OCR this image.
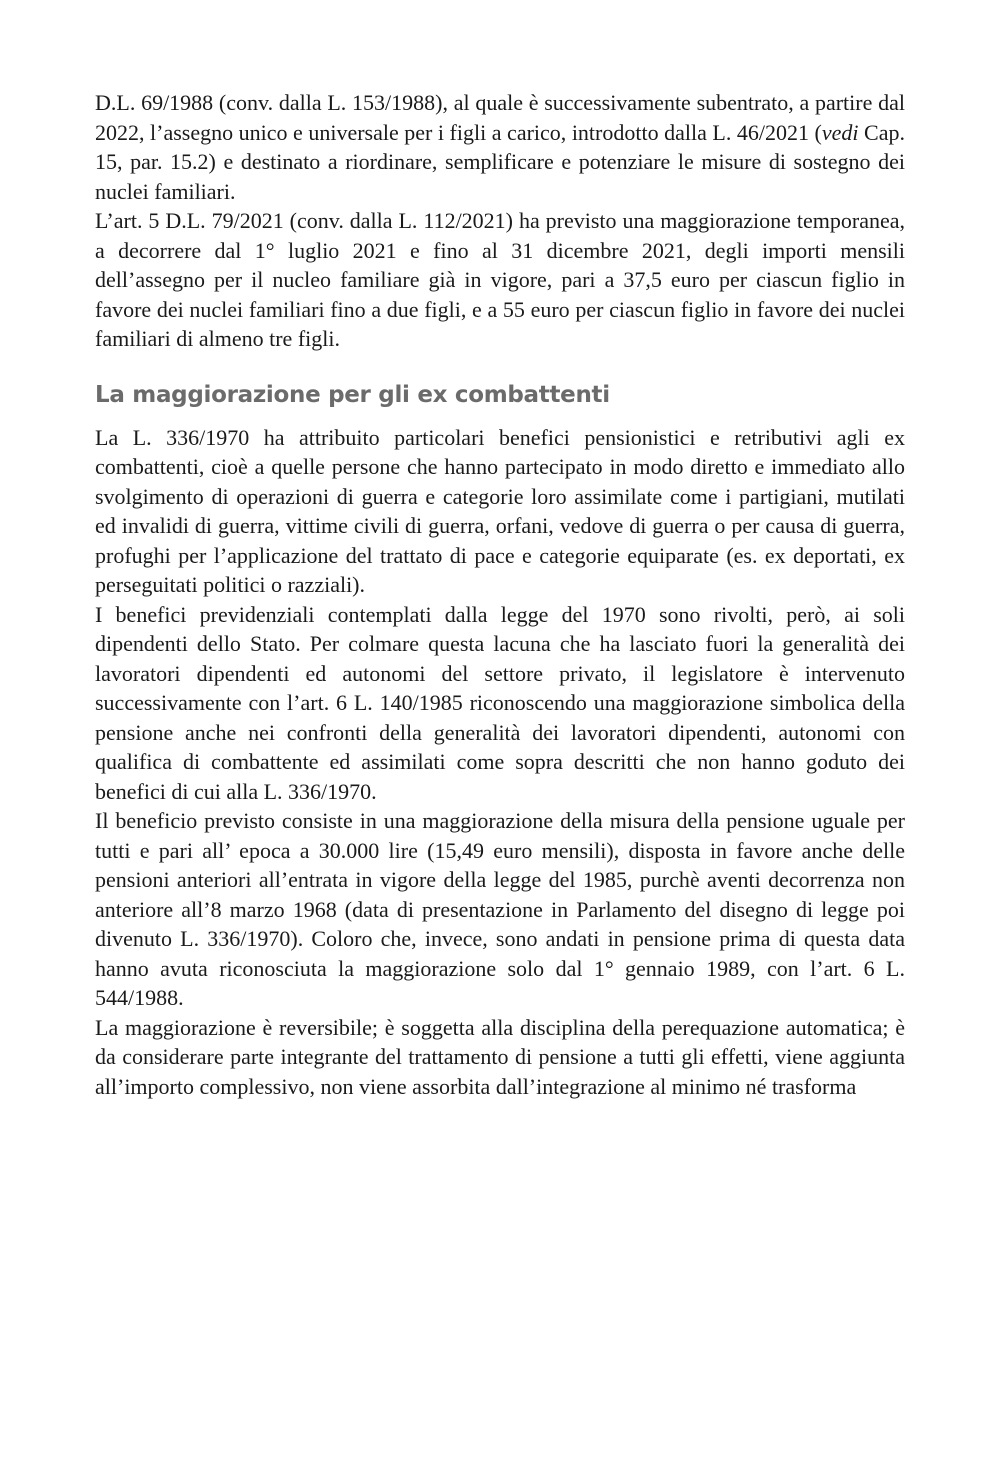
D.L. 69/1988 (conv. dalla L. 153/1988), al quale è successivamente subentrato, a partire dal 2022, l’assegno unico e universale per i figli a carico, introdotto dalla L. 46/2021 (vedi Cap. 15, par. 15.2) e destinato a riordinare, semplificare e potenziare le misure di sostegno dei nuclei familiari.

L’art. 5 D.L. 79/2021 (conv. dalla L. 112/2021) ha previsto una maggiorazione temporanea, a decorrere dal 1° luglio 2021 e fino al 31 dicembre 2021, degli importi mensili dell’assegno per il nucleo familiare già in vigore, pari a 37,5 euro per ciascun figlio in favore dei nuclei familiari fino a due figli, e a 55 euro per ciascun figlio in favore dei nuclei familiari di almeno tre figli.

La maggiorazione per gli ex combattenti

La L. 336/1970 ha attribuito particolari benefici pensionistici e retributivi agli ex combattenti, cioè a quelle persone che hanno partecipato in modo diretto e immediato allo svolgimento di operazioni di guerra e categorie loro assimilate come i partigiani, mutilati ed invalidi di guerra, vittime civili di guerra, orfani, vedove di guerra o per causa di guerra, profughi per l’applicazione del trattato di pace e categorie equiparate (es. ex deportati, ex perseguitati politici o razziali).

I benefici previdenziali contemplati dalla legge del 1970 sono rivolti, però, ai soli dipendenti dello Stato. Per colmare questa lacuna che ha lasciato fuori la generalità dei lavoratori dipendenti ed autonomi del settore privato, il legislatore è intervenuto successivamente con l’art. 6 L. 140/1985 riconoscendo una maggiorazione simbolica della pensione anche nei confronti della generalità dei lavoratori dipendenti, autonomi con qualifica di combattente ed assimilati come sopra descritti che non hanno goduto dei benefici di cui alla L. 336/1970.

Il beneficio previsto consiste in una maggiorazione della misura della pensione uguale per tutti e pari all’ epoca a 30.000 lire (15,49 euro mensili), disposta in favore anche delle pensioni anteriori all’entrata in vigore della legge del 1985, purchè aventi decorrenza non anteriore all’8 marzo 1968 (data di presentazione in Parlamento del disegno di legge poi divenuto L. 336/1970). Coloro che, invece, sono andati in pensione prima di questa data hanno avuta riconosciuta la maggiorazione solo dal 1° gennaio 1989, con l’art. 6 L. 544/1988.

La maggiorazione è reversibile; è soggetta alla disciplina della perequazione automatica; è da considerare parte integrante del trattamento di pensione a tutti gli effetti, viene aggiunta all’importo complessivo, non viene assorbita dall’integrazione al minimo né trasforma
